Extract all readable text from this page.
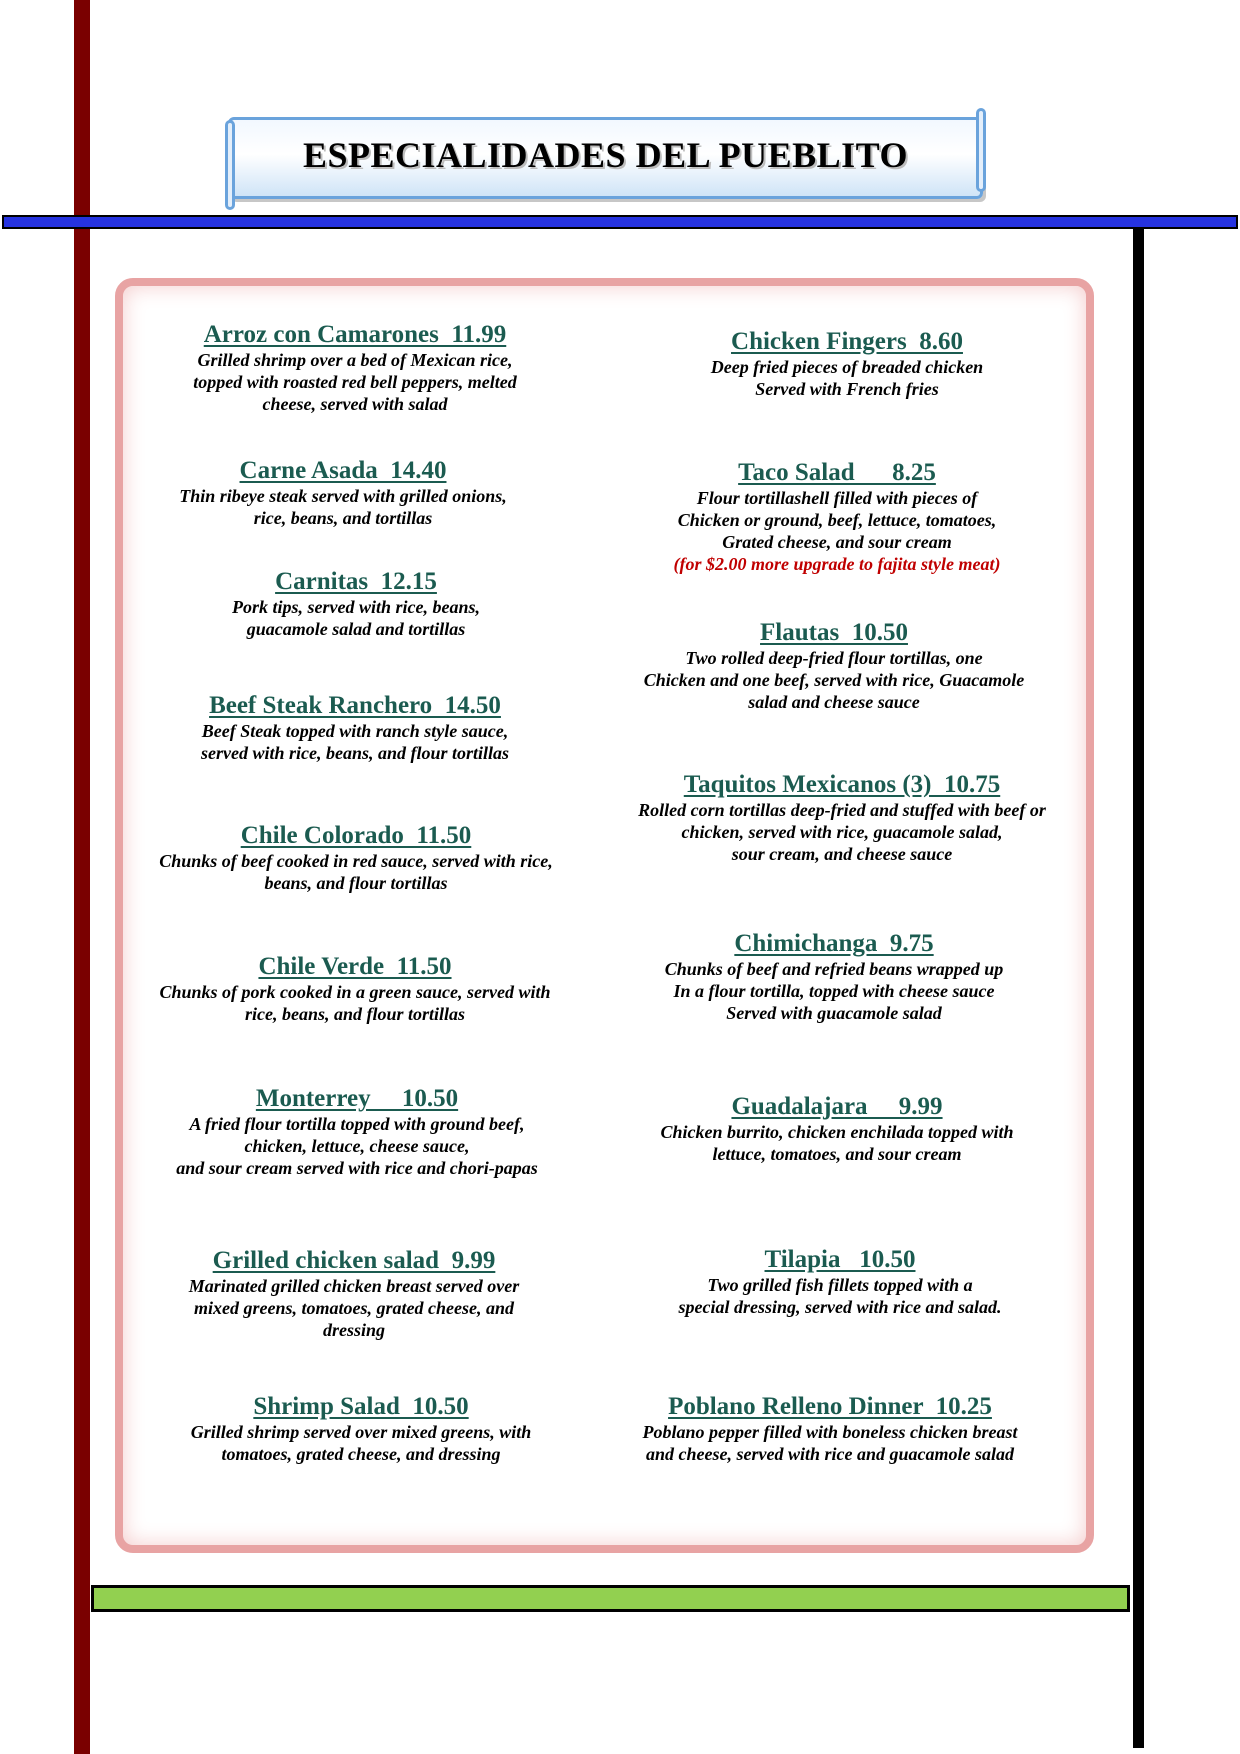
ESPECIALIDADES DEL PUEBLITO
Arroz con Camarones  11.99
Grilled shrimp over a bed of Mexican rice,
topped with roasted red bell peppers, melted
cheese, served with salad
Carne Asada  14.40
Thin ribeye steak served with grilled onions,
rice, beans, and tortillas
Carnitas  12.15
Pork tips, served with rice, beans,
guacamole salad and tortillas
Beef Steak Ranchero  14.50
Beef Steak topped with ranch style sauce,
served with rice, beans, and flour tortillas
Chile Colorado  11.50
Chunks of beef cooked in red sauce, served with rice,
beans, and flour tortillas
Chile Verde  11.50
Chunks of pork cooked in a green sauce, served with
rice, beans, and flour tortillas
Monterrey     10.50
A fried flour tortilla topped with ground beef,
chicken, lettuce, cheese sauce,
and sour cream served with rice and chori-papas
Grilled chicken salad  9.99
Marinated grilled chicken breast served over
mixed greens, tomatoes, grated cheese, and
dressing
Shrimp Salad  10.50
Grilled shrimp served over mixed greens, with
tomatoes, grated cheese, and dressing
Chicken Fingers  8.60
Deep fried pieces of breaded chicken
Served with French fries
Taco Salad      8.25
Flour tortillashell filled with pieces of
Chicken or ground, beef, lettuce, tomatoes,
Grated cheese, and sour cream
(for $2.00 more upgrade to fajita style meat)
Flautas  10.50
Two rolled deep-fried flour tortillas, one
Chicken and one beef, served with rice, Guacamole
salad and cheese sauce
Taquitos Mexicanos (3)  10.75
Rolled corn tortillas deep-fried and stuffed with beef or
chicken, served with rice, guacamole salad,
sour cream, and cheese sauce
Chimichanga  9.75
Chunks of beef and refried beans wrapped up
In a flour tortilla, topped with cheese sauce
Served with guacamole salad
Guadalajara     9.99
Chicken burrito, chicken enchilada topped with
lettuce, tomatoes, and sour cream
Tilapia   10.50
Two grilled fish fillets topped with a
special dressing, served with rice and salad.
Poblano Relleno Dinner  10.25
Poblano pepper filled with boneless chicken breast
and cheese, served with rice and guacamole salad
